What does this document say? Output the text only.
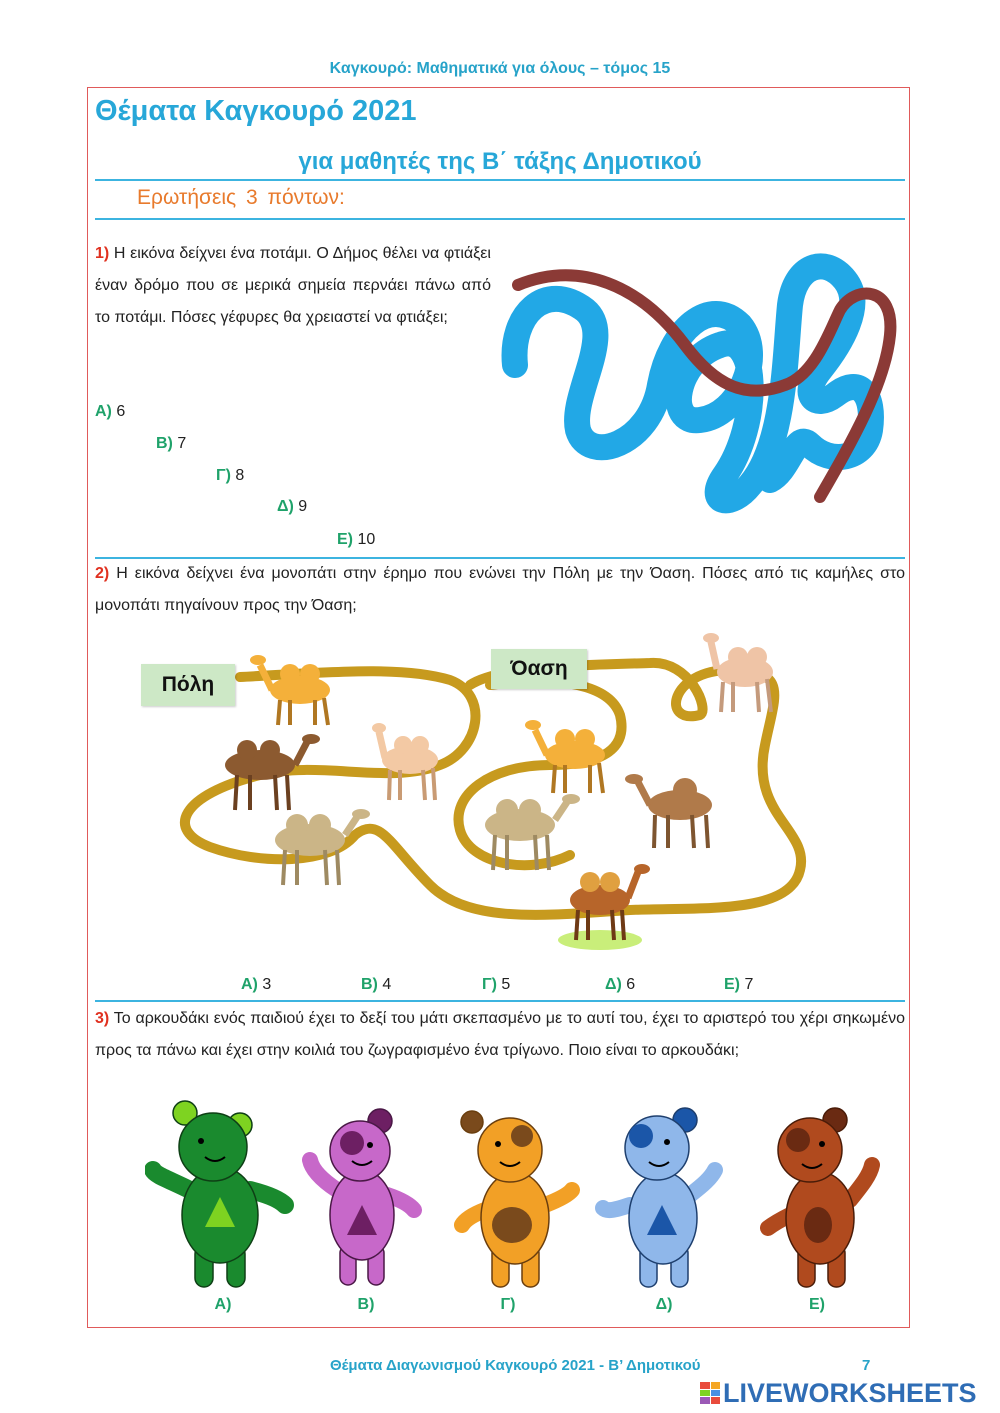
Καγκουρό: Μαθηματικά για όλους – τόμος 15
Θέματα Καγκουρό 2021
για μαθητές της Β΄ τάξης Δημοτικού
Ερωτήσεις 3 πόντων:
1) Η εικόνα δείχνει ένα ποτάμι. Ο Δήμος θέλει να φτιάξει έναν δρόμο που σε μερικά σημεία περνάει πάνω από το ποτάμι. Πόσες γέφυρες θα χρειαστεί να φτιάξει;
Α) 6
Β) 7
Γ) 8
Δ) 9
Ε) 10
2) Η εικόνα δείχνει ένα μονοπάτι στην έρημο που ενώνει την Πόλη με την Όαση. Πόσες από τις καμήλες στο μονοπάτι πηγαίνουν προς την Όαση;
Πόλη
Όαση
Α) 3	Β) 4	Γ) 5	Δ) 6	Ε) 7
3) Το αρκουδάκι ενός παιδιού έχει το δεξί του μάτι σκεπασμένο με το αυτί του, έχει το αριστερό του χέρι σηκωμένο προς τα πάνω και έχει στην κοιλιά του ζωγραφισμένο ένα τρίγωνο. Ποιο είναι το αρκουδάκι;
Α)	Β)	Γ)	Δ)	Ε)
Θέματα Διαγωνισμού Καγκουρό 2021 - Β’ Δημοτικού	7
LIVEWORKSHEETS
